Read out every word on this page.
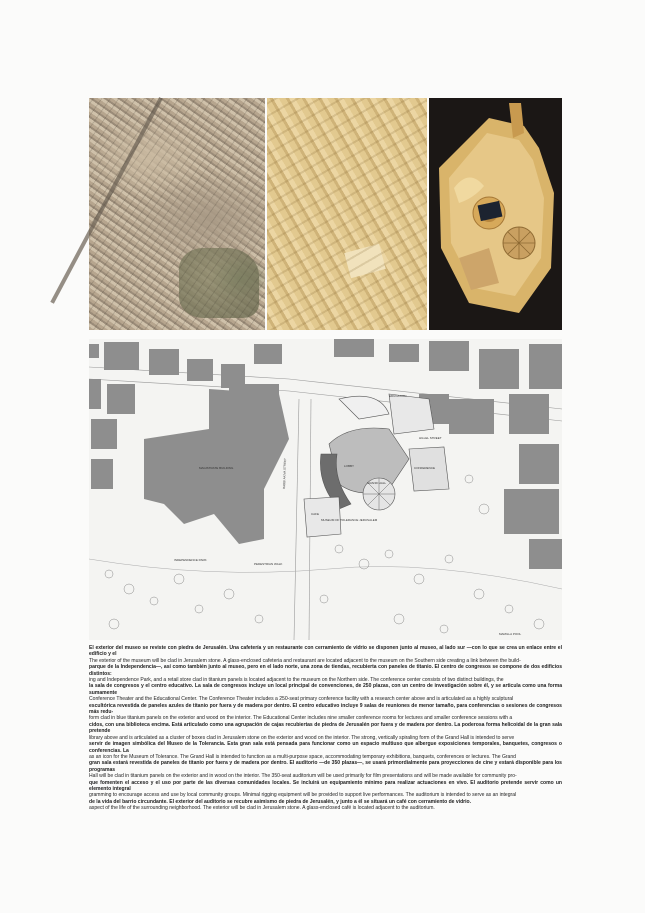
MAGISTRATE BUILDING
INDEPENDENCE PARK
HILLEL STREET
RABBI AKIVA STREET
MUSEUM OF TOLERANCE JERUSALEM
EDUCATION
LOBBY
GRAND HALL
CONFERENCE
CAFE
MAMILLA POOL
PEDESTRIAN WALK

El exterior del museo se reviste con piedra de Jerusalén. Una cafetería y un restaurante con cerramiento de vidrio se disponen junto al museo, al lado sur —con lo que se crea un enlace entre el edificio y el

The exterior of the museum will be clad in Jerusalem stone. A glass-enclosed cafeteria and restaurant are located adjacent to the museum on the Southern side creating a link between the build-

parque de la Independencia—, así como también junto al museo, pero en el lado norte, una zona de tiendas, recubierta con paneles de titanio. El centro de congresos se compone de dos edificios distintos:

ing and Independence Park, and a retail store clad in titanium panels is located adjacent to the museum on the Northern side. The conference center consists of two distinct buildings, the

la sala de congresos y el centro educativo. La sala de congresos incluye un local principal de convenciones, de 250 plazas, con un centro de investigación sobre él, y se articula como una forma sumamente

Conference Theater and the Educational Center. The Conference Theater includes a 250-seat primary conference facility with a research center above and is articulated as a highly sculptural

escultórica revestida de paneles azules de titanio por fuera y de madera por dentro. El centro educativo incluye 9 salas de reuniones de menor tamaño, para conferencias o sesiones de congresos más redu-

form clad in blue titanium panels on the exterior and wood on the interior. The Educational Center includes nine smaller conference rooms for lectures and smaller conference sessions with a

cidos, con una biblioteca encima. Está articulado como una agrupación de cajas recubiertas de piedra de Jerusalén por fuera y de madera por dentro. La poderosa forma helicoidal de la gran sala pretende

library above and is articulated as a cluster of boxes clad in Jerusalem stone on the exterior and wood on the interior. The strong, vertically spiraling form of the Grand Hall is intended to serve

servir de imagen simbólica del Museo de la Tolerancia. Esta gran sala está pensada para funcionar como un espacio multiuso que albergue exposiciones temporales, banquetes, congresos o conferencias. La

as an icon for the Museum of Tolerance. The Grand Hall is intended to function as a multi-purpose space, accommodating temporary exhibitions, banquets, conferences or lectures. The Grand

gran sala estará revestida de paneles de titanio por fuera y de madera por dentro. El auditorio —de 350 plazas—, se usará primordialmente para proyecciones de cine y estará disponible para los programas

Hall will be clad in titanium panels on the exterior and in wood on the interior. The 350-seat auditorium will be used primarily for film presentations and will be made available for community pro-

que fomenten el acceso y el uso por parte de las diversas comunidades locales. Se incluirá un equipamiento mínimo para realizar actuaciones en vivo. El auditorio pretende servir como un elemento integral

gramming to encourage access and use by local community groups. Minimal rigging equipment will be provided to support live performances. The auditorium is intended to serve as an integral

de la vida del barrio circundante. El exterior del auditorio se recubre asimismo de piedra de Jerusalén, y junto a él se situará un café con cerramiento de vidrio.

aspect of the life of the surrounding neighborhood. The exterior will be clad in Jerusalem stone. A glass-enclosed café is located adjacent to the auditorium.
